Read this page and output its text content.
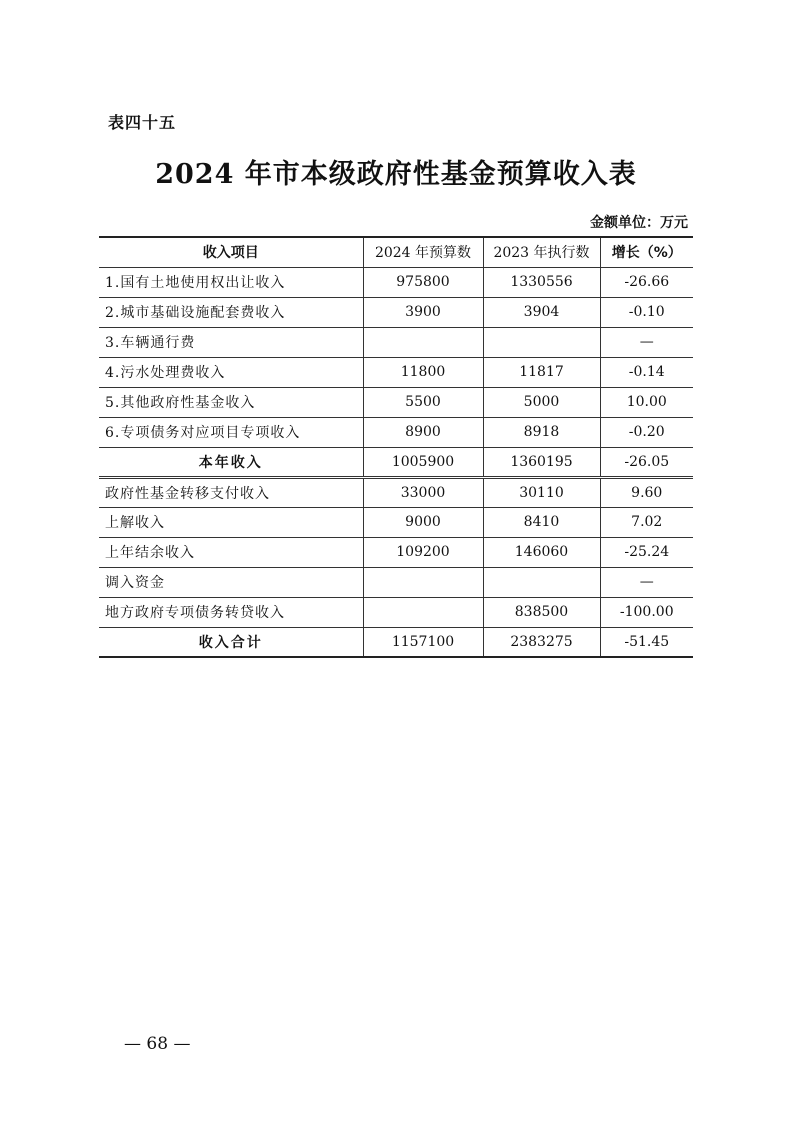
表四十五
2024 年市本级政府性基金预算收入表
金额单位：万元
收入项目	2024 年预算数	2023 年执行数	增长（%）
1.国有土地使用权出让收入	975800	1330556	-26.66
2.城市基础设施配套费收入	3900	3904	-0.10
3.车辆通行费			—
4.污水处理费收入	11800	11817	-0.14
5.其他政府性基金收入	5500	5000	10.00
6.专项债务对应项目专项收入	8900	8918	-0.20
本年收入	1005900	1360195	-26.05
政府性基金转移支付收入	33000	30110	9.60
上解收入	9000	8410	7.02
上年结余收入	109200	146060	-25.24
调入资金			—
地方政府专项债务转贷收入		838500	-100.00
收入合计	1157100	2383275	-51.45
— 68 —
